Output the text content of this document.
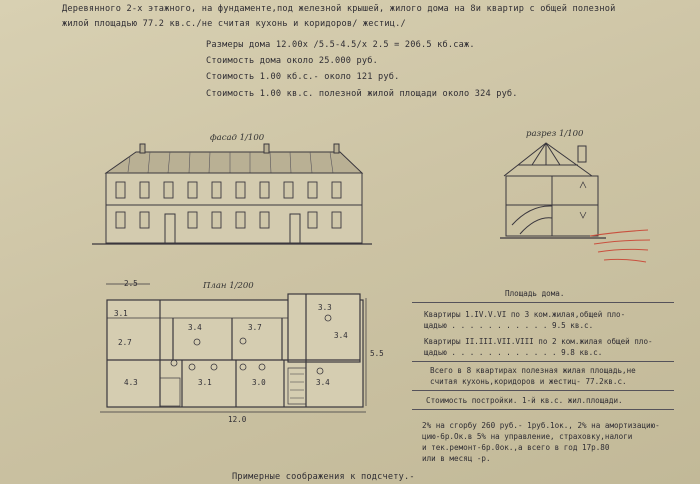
Деревянного 2-х этажного, на фундаменте,под железной крышей, жилого дома на 8и квартир с общей полезной
жилой площадью 77.2 кв.с./не считая кухонь и коридоров/ жестиц./
Размеры дома 12.00х /5.5-4.5/х 2.5 = 206.5 кб.саж.
Стоимость дома около 25.000 руб.
Стоимость 1.00 кб.с.- около 121 руб.
Стоимость 1.00 кв.с. полезной жилой площади около 324 руб.
фасад 1/100	разрез 1/100
План 1/200
2.5
12.0
5.5
3.1
2.7
3.4	3.7
4.3	3.1	3.0	3.4
3.3
3.4
Площадь дома.
Квартиры 1.IV.V.VI по 3 ком.жилая,общей пло-
щадью . . . . . . . . . . . 9.5 кв.с.
Квартиры II.III.VII.VIII по 2 ком.жилая общей пло-
щадью . . . . . . . . . . . . 9.8 кв.с.
Всего в 8 квартирах полезная жилая площадь,не
считая кухонь,коридоров и жестиц- 77.2кв.с.
Стоимость постройки. 1-й кв.с. жил.площади.
2% на сгорбу 260 руб.- 1руб.1ок., 2% на амортизацию-
цию-6р.Ок.в 5% на управление, страховку,налоги
и тек.ремонт-6р.0ок.,а всего в год 17р.80
или в месяц -р.
Примерные соображения к подсчету.-
